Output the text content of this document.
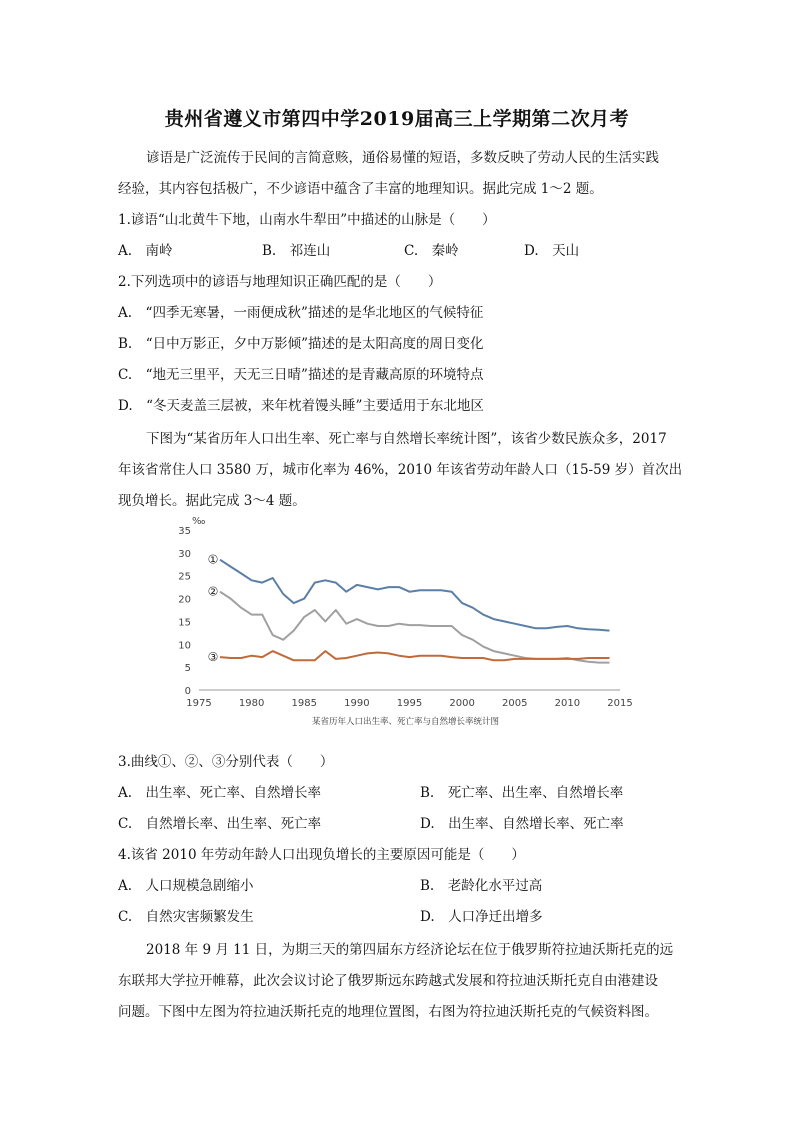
贵州省遵义市第四中学2019届高三上学期第二次月考
谚语是广泛流传于民间的言简意赅，通俗易懂的短语，多数反映了劳动人民的生活实践
经验，其内容包括极广，不少谚语中蕴含了丰富的地理知识。据此完成 1～2 题。
1.谚语“山北黄牛下地，山南水牛犁田”中描述的山脉是（　　）
A.　南岭	B.　祁连山	C.　秦岭	D.　天山
2.下列选项中的谚语与地理知识正确匹配的是（　　）
A.　“四季无寒暑，一雨便成秋”描述的是华北地区的气候特征
B.　“日中万影正，夕中万影倾”描述的是太阳高度的周日变化
C.　“地无三里平，天无三日晴”描述的是青藏高原的环境特点
D.　“冬天麦盖三层被，来年枕着馒头睡”主要适用于东北地区
下图为“某省历年人口出生率、死亡率与自然增长率统计图”，该省少数民族众多，2017
年该省常住人口 3580 万，城市化率为 46%，2010 年该省劳动年龄人口（15-59 岁）首次出
现负增长。据此完成 3～4 题。
0
5
10
15
20
25
30
35
1975	1980	1985	1990	1995	2000	2005	2010	2015
‰
某省历年人口出生率、死亡率与自然增长率统计图
①
②
③
3.曲线①、②、③分别代表（　　）
A.　出生率、死亡率、自然增长率	B.　死亡率、出生率、自然增长率
C.　自然增长率、出生率、死亡率	D.　出生率、自然增长率、死亡率
4.该省 2010 年劳动年龄人口出现负增长的主要原因可能是（　　）
A.　人口规模急剧缩小	B.　老龄化水平过高
C.　自然灾害频繁发生	D.　人口净迁出增多
2018 年 9 月 11 日，为期三天的第四届东方经济论坛在位于俄罗斯符拉迪沃斯托克的远
东联邦大学拉开帷幕，此次会议讨论了俄罗斯远东跨越式发展和符拉迪沃斯托克自由港建设
问题。下图中左图为符拉迪沃斯托克的地理位置图，右图为符拉迪沃斯托克的气候资料图。
